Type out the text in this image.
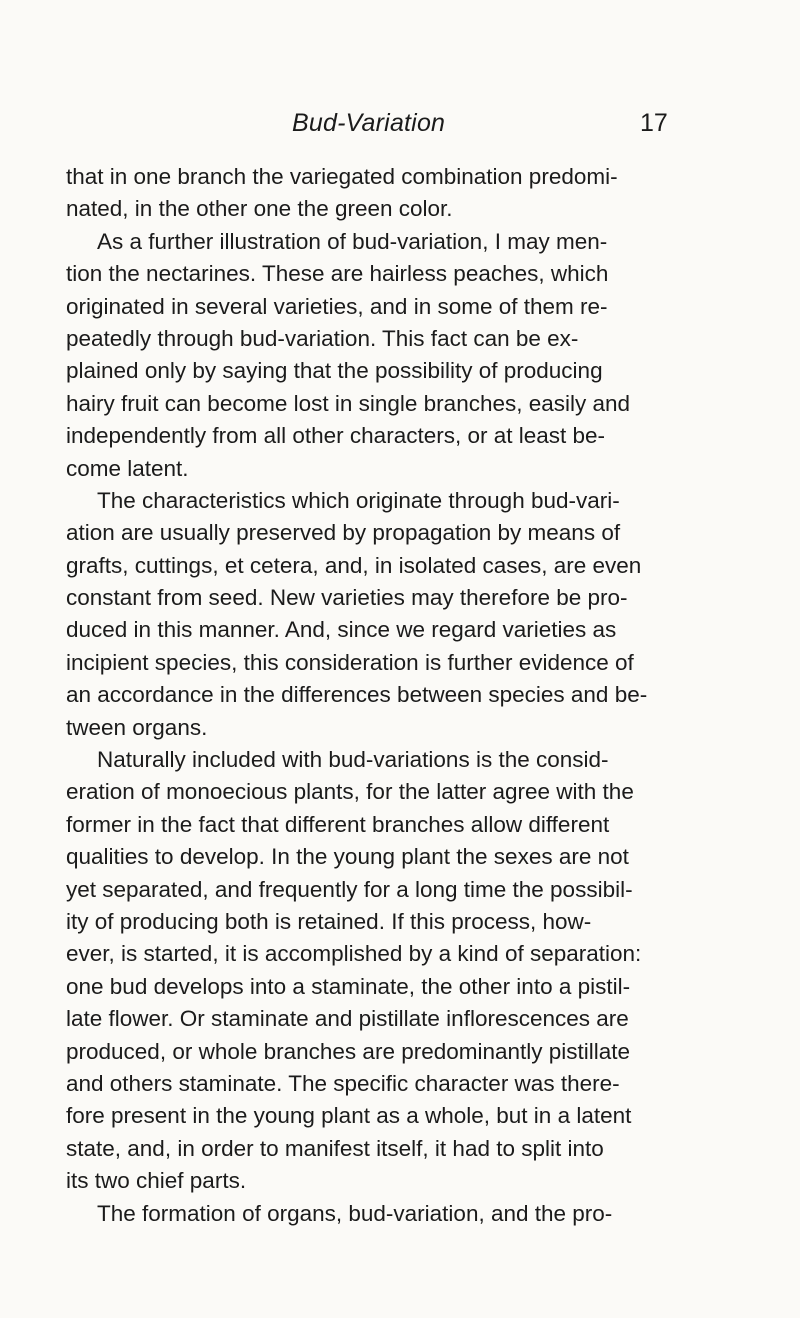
Bud-Variation	17
that in one branch the variegated combination predomi-
nated, in the other one the green color.
As a further illustration of bud-variation, I may men-
tion the nectarines. These are hairless peaches, which
originated in several varieties, and in some of them re-
peatedly through bud-variation. This fact can be ex-
plained only by saying that the possibility of producing
hairy fruit can become lost in single branches, easily and
independently from all other characters, or at least be-
come latent.
The characteristics which originate through bud-vari-
ation are usually preserved by propagation by means of
grafts, cuttings, et cetera, and, in isolated cases, are even
constant from seed. New varieties may therefore be pro-
duced in this manner. And, since we regard varieties as
incipient species, this consideration is further evidence of
an accordance in the differences between species and be-
tween organs.
Naturally included with bud-variations is the consid-
eration of monoecious plants, for the latter agree with the
former in the fact that different branches allow different
qualities to develop. In the young plant the sexes are not
yet separated, and frequently for a long time the possibil-
ity of producing both is retained. If this process, how-
ever, is started, it is accomplished by a kind of separation:
one bud develops into a staminate, the other into a pistil-
late flower. Or staminate and pistillate inflorescences are
produced, or whole branches are predominantly pistillate
and others staminate. The specific character was there-
fore present in the young plant as a whole, but in a latent
state, and, in order to manifest itself, it had to split into
its two chief parts.
The formation of organs, bud-variation, and the pro-
